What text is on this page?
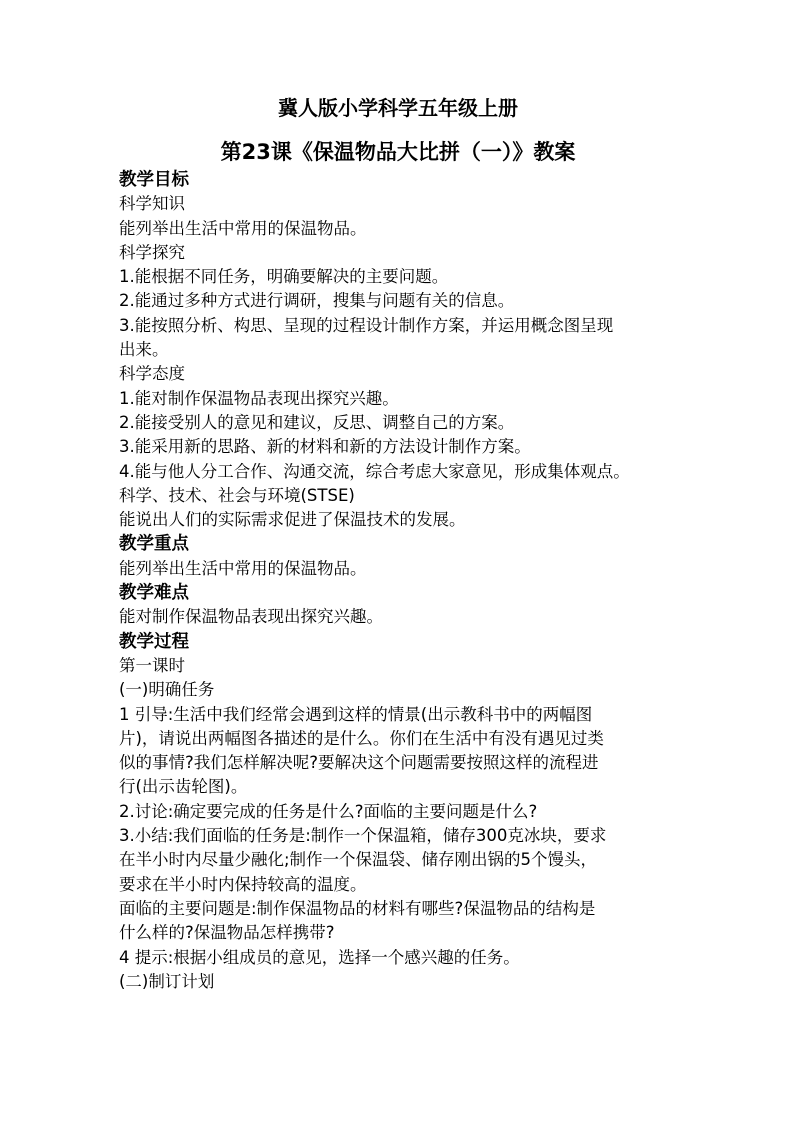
冀人版小学科学五年级上册

第23课《保温物品大比拼（一）》教案

教学目标

科学知识

能列举出生活中常用的保温物品。

科学探究

1.能根据不同任务，明确要解决的主要问题。

2.能通过多种方式进行调研，搜集与问题有关的信息。

3.能按照分析、构思、呈现的过程设计制作方案，并运用概念图呈现
出来。

科学态度

1.能对制作保温物品表现出探究兴趣。

2.能接受别人的意见和建议，反思、调整自己的方案。

3.能采用新的思路、新的材料和新的方法设计制作方案。

4.能与他人分工合作、沟通交流，综合考虑大家意见，形成集体观点。

科学、技术、社会与环境(STSE)

能说出人们的实际需求促进了保温技术的发展。

教学重点

能列举出生活中常用的保温物品。

教学难点

能对制作保温物品表现出探究兴趣。

教学过程

第一课时

(一)明确任务

1 引导:生活中我们经常会遇到这样的情景(出示教科书中的两幅图
片)，请说出两幅图各描述的是什么。你们在生活中有没有遇见过类
似的事情?我们怎样解决呢?要解决这个问题需要按照这样的流程进
行(出示齿轮图)。

2.讨论:确定要完成的任务是什么?面临的主要问题是什么?

3.小结:我们面临的任务是:制作一个保温箱，储存300克冰块，要求
在半小时内尽量少融化;制作一个保温袋、储存刚出锅的5个馒头，
要求在半小时内保持较高的温度。

面临的主要问题是:制作保温物品的材料有哪些?保温物品的结构是
什么样的?保温物品怎样携带?

4 提示:根据小组成员的意见，选择一个感兴趣的任务。

(二)制订计划
